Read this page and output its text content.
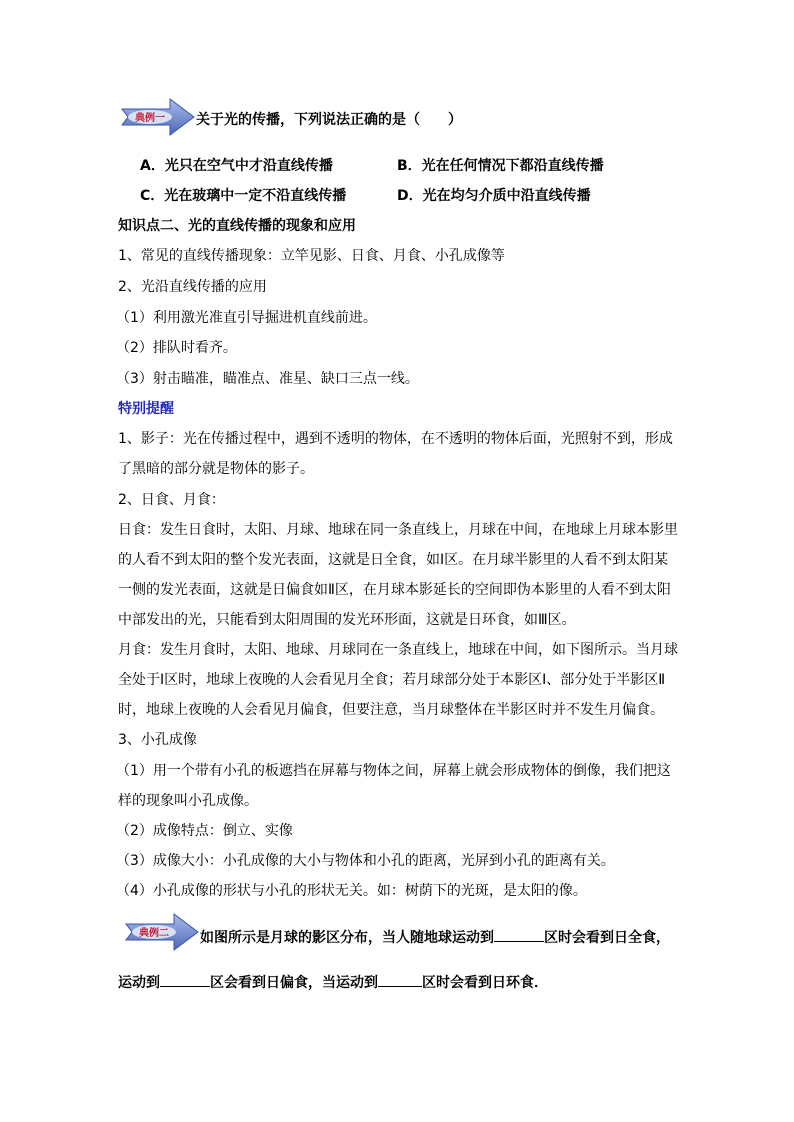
典例一 关于光的传播，下列说法正确的是（　　）
A．光只在空气中才沿直线传播	B．光在任何情况下都沿直线传播
C．光在玻璃中一定不沿直线传播	D．光在均匀介质中沿直线传播
知识点二、光的直线传播的现象和应用
1、常见的直线传播现象：立竿见影、日食、月食、小孔成像等
2、光沿直线传播的应用
（1）利用激光准直引导掘进机直线前进。
（2）排队时看齐。
（3）射击瞄准，瞄准点、准星、缺口三点一线。
特别提醒
1、影子：光在传播过程中，遇到不透明的物体，在不透明的物体后面，光照射不到，形成
了黑暗的部分就是物体的影子。
2、日食、月食：
日食：发生日食时，太阳、月球、地球在同一条直线上，月球在中间，在地球上月球本影里
的人看不到太阳的整个发光表面，这就是日全食，如Ⅰ区。在月球半影里的人看不到太阳某
一侧的发光表面，这就是日偏食如Ⅱ区，在月球本影延长的空间即伪本影里的人看不到太阳
中部发出的光，只能看到太阳周围的发光环形面，这就是日环食，如Ⅲ区。
月食：发生月食时，太阳、地球、月球同在一条直线上，地球在中间，如下图所示。当月球
全处于Ⅰ区时，地球上夜晚的人会看见月全食；若月球部分处于本影区Ⅰ、部分处于半影区Ⅱ
时，地球上夜晚的人会看见月偏食，但要注意，当月球整体在半影区时并不发生月偏食。
3、小孔成像
（1）用一个带有小孔的板遮挡在屏幕与物体之间，屏幕上就会形成物体的倒像，我们把这
样的现象叫小孔成像。
（2）成像特点：倒立、实像
（3）成像大小：小孔成像的大小与物体和小孔的距离，光屏到小孔的距离有关。
（4）小孔成像的形状与小孔的形状无关。如：树荫下的光斑，是太阳的像。
典例二 如图所示是月球的影区分布，当人随地球运动到	区时会看到日全食，
运动到	区会看到日偏食，当运动到	区时会看到日环食．
